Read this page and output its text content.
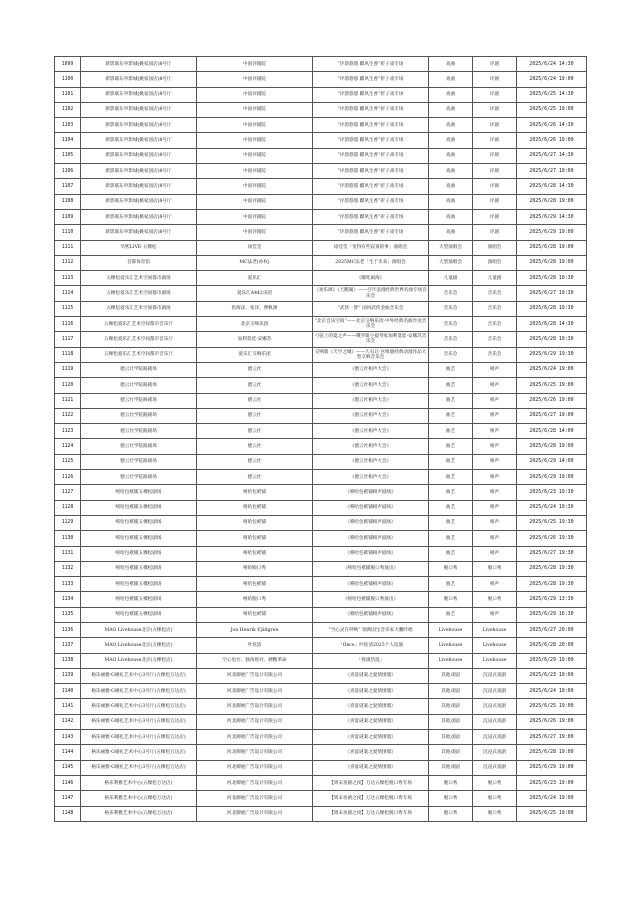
1099	新影联东申影城(姚家园店)8号厅	中国评剧院	“评韵悠悠 麒风生香”折子戏专场	戏曲	评剧	2025/6/24 14:30
1100	新影联东申影城(姚家园店)8号厅	中国评剧院	“评韵悠悠 麒风生香”折子戏专场	戏曲	评剧	2025/6/24 19:00
1101	新影联东申影城(姚家园店)8号厅	中国评剧院	“评韵悠悠 麒风生香”折子戏专场	戏曲	评剧	2025/6/25 14:30
1102	新影联东申影城(姚家园店)8号厅	中国评剧院	“评韵悠悠 麒风生香”折子戏专场	戏曲	评剧	2025/6/25 19:00
1103	新影联东申影城(姚家园店)8号厅	中国评剧院	“评韵悠悠 麒风生香”折子戏专场	戏曲	评剧	2025/6/26 14:30
1104	新影联东申影城(姚家园店)8号厅	中国评剧院	“评韵悠悠 麒风生香”折子戏专场	戏曲	评剧	2025/6/26 19:00
1105	新影联东申影城(姚家园店)8号厅	中国评剧院	“评韵悠悠 麒风生香”折子戏专场	戏曲	评剧	2025/6/27 14:30
1106	新影联东申影城(姚家园店)8号厅	中国评剧院	“评韵悠悠 麒风生香”折子戏专场	戏曲	评剧	2025/6/27 19:00
1107	新影联东申影城(姚家园店)8号厅	中国评剧院	“评韵悠悠 麒风生香”折子戏专场	戏曲	评剧	2025/6/28 14:30
1108	新影联东申影城(姚家园店)8号厅	中国评剧院	“评韵悠悠 麒风生香”折子戏专场	戏曲	评剧	2025/6/28 19:00
1109	新影联东申影城(姚家园店)8号厅	中国评剧院	“评韵悠悠 麒风生香”折子戏专场	戏曲	评剧	2025/6/29 14:30
1110	新影联东申影城(姚家园店)8号厅	中国评剧院	“评韵悠悠 麒风生香”折子戏专场	戏曲	评剧	2025/6/29 19:00
1111	华熙LIVE·五棵松	徐佳莹	徐佳莹「变得有些寂寞的事」演唱会	大型演唱会	演唱会	2025/6/28 19:00
1112	首都体育馆	MC法老(孙权)	2025MC法老「生于未来」演唱会	大型演唱会	演唱会	2025/6/28 19:00
1113	五棵松爱乐汇艺术空间都市剧场	爱乐汇	《哪吒闹海》	儿童剧	儿童剧	2025/6/28 10:30
1114	五棵松爱乐汇艺术空间都市剧场	爱乐汇A442乐团	《欢乐颂》《天鹅湖》——百年浪漫经典世界名曲专场音乐会	音乐会	音乐会	2025/6/27 19:30
1115	五棵松爱乐汇艺术空间都市剧场	崔海泽、张洋、曹帆源	“武侠一梦” 国风武侠金曲音乐会	音乐会	音乐会	2025/6/28 19:30
1116	五棵松爱乐汇艺术空间都市音乐厅	北京交响乐团	“北京音乐空间”——北京交响乐团·中外经典名曲沙龙音乐会	音乐会	音乐会	2025/6/28 14:30
1117	五棵松爱乐汇艺术空间都市音乐厅	加利莫娃·安娜苏	弓弦上的夏之声——俄罗斯小提琴家加利莫娃·安娜苏音乐会	音乐会	音乐会	2025/6/28 19:30
1118	五棵松爱乐汇艺术空间都市音乐厅	爱乐汇交响乐团	交响版《天空之城》——久石让·宫崎骏经典动漫作品大型交响音乐会	音乐会	音乐会	2025/6/29 19:30
1119	德云社学院路剧场	德云社	《德云社相声大会》	曲艺	相声	2025/6/24 19:00
1120	德云社学院路剧场	德云社	《德云社相声大会》	曲艺	相声	2025/6/25 19:00
1121	德云社学院路剧场	德云社	《德云社相声大会》	曲艺	相声	2025/6/26 19:00
1122	德云社学院路剧场	德云社	《德云社相声大会》	曲艺	相声	2025/6/27 19:00
1123	德云社学院路剧场	德云社	《德云社相声大会》	曲艺	相声	2025/6/28 14:00
1124	德云社学院路剧场	德云社	《德云社相声大会》	曲艺	相声	2025/6/28 19:00
1125	德云社学院路剧场	德云社	《德云社相声大会》	曲艺	相声	2025/6/29 14:00
1126	德云社学院路剧场	德云社	《德云社相声大会》	曲艺	相声	2025/6/29 19:00
1127	嘻哈包袱铺五棵松剧场	嘻哈包袱铺	《嘻哈包袱铺相声剧场》	曲艺	相声	2025/6/23 19:30
1128	嘻哈包袱铺五棵松剧场	嘻哈包袱铺	《嘻哈包袱铺相声剧场》	曲艺	相声	2025/6/24 19:30
1129	嘻哈包袱铺五棵松剧场	嘻哈包袱铺	《嘻哈包袱铺相声剧场》	曲艺	相声	2025/6/25 19:30
1130	嘻哈包袱铺五棵松剧场	嘻哈包袱铺	《嘻哈包袱铺相声剧场》	曲艺	相声	2025/6/26 19:30
1131	嘻哈包袱铺五棵松剧场	嘻哈包袱铺	《嘻哈包袱铺相声剧场》	曲艺	相声	2025/6/27 19:30
1132	嘻哈包袱铺五棵松剧场	嘻哈脱口秀	《嘻哈包袱铺脱口秀演出》	脱口秀	脱口秀	2025/6/28 19:30
1133	嘻哈包袱铺五棵松剧场	嘻哈包袱铺	《嘻哈包袱铺相声剧场》	曲艺	相声	2025/6/28 19:30
1134	嘻哈包袱铺五棵松剧场	嘻哈脱口秀	《嘻哈包袱铺脱口秀演出》	脱口秀	脱口秀	2025/6/29 13:30
1135	嘻哈包袱铺五棵松剧场	嘻哈包袱铺	《嘻哈包袱铺相声剧场》	曲艺	相声	2025/6/29 16:30
1136	MAO Livehouse北京(五棵松店)	Jon Henrik Fjällgren	“当心灵在呼唤” 瑞典国宝音乐家大鹏吟唱	Livehouse	Livehouse	2025/6/27 20:00
1137	MAO Livehouse北京(五棵松店)	叶炫清	「Once」叶炫清2025个人巡演	Livehouse	Livehouse	2025/6/28 20:00
1138	MAO Livehouse北京(五棵松店)	空心电台、独角摇对、硬糖革命	「摇滚热浪」	Livehouse	Livehouse	2025/6/29 19:00
1139	格乐丽雅·G婚礼艺术中心3号厅(五棵松万达店)	河北御展广告设计有限公司	《喜宴谜案之爱情围墙》	其他戏剧	沉浸式戏剧	2025/6/23 19:00
1140	格乐丽雅·G婚礼艺术中心3号厅(五棵松万达店)	河北御展广告设计有限公司	《喜宴谜案之爱情围墙》	其他戏剧	沉浸式戏剧	2025/6/24 19:00
1141	格乐丽雅·G婚礼艺术中心3号厅(五棵松万达店)	河北御展广告设计有限公司	《喜宴谜案之爱情围墙》	其他戏剧	沉浸式戏剧	2025/6/25 19:00
1142	格乐丽雅·G婚礼艺术中心3号厅(五棵松万达店)	河北御展广告设计有限公司	《喜宴谜案之爱情围墙》	其他戏剧	沉浸式戏剧	2025/6/26 19:00
1143	格乐丽雅·G婚礼艺术中心3号厅(五棵松万达店)	河北御展广告设计有限公司	《喜宴谜案之爱情围墙》	其他戏剧	沉浸式戏剧	2025/6/27 19:00
1144	格乐丽雅·G婚礼艺术中心3号厅(五棵松万达店)	河北御展广告设计有限公司	《喜宴谜案之爱情围墙》	其他戏剧	沉浸式戏剧	2025/6/28 19:00
1145	格乐丽雅·G婚礼艺术中心3号厅(五棵松万达店)	河北御展广告设计有限公司	《喜宴谜案之爱情围墙》	其他戏剧	沉浸式戏剧	2025/6/29 19:00
1146	格乐利雅艺术中心(五棵松万达店)	河北御展广告设计有限公司	【周末喜剧之夜】万达五棵松脱口秀专场	脱口秀	脱口秀	2025/6/23 19:00
1147	格乐利雅艺术中心(五棵松万达店)	河北御展广告设计有限公司	【周末喜剧之夜】万达五棵松脱口秀专场	脱口秀	脱口秀	2025/6/24 19:00
1148	格乐利雅艺术中心(五棵松万达店)	河北御展广告设计有限公司	【周末喜剧之夜】万达五棵松脱口秀专场	脱口秀	脱口秀	2025/6/25 19:00
